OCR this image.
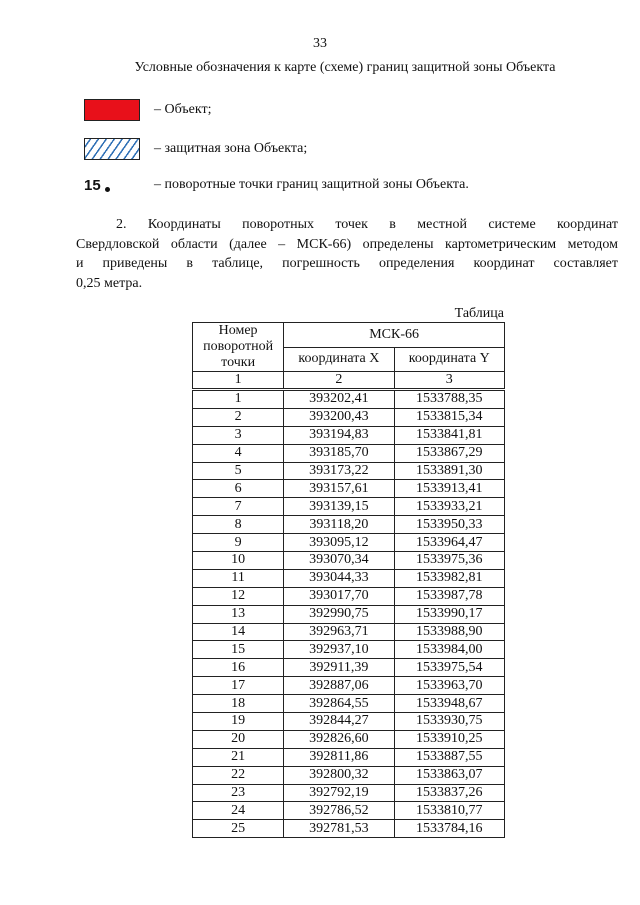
33
Условные обозначения к карте (схеме) границ защитной зоны Объекта
– Объект;
– защитная зона Объекта;
15	– поворотные точки границ защитной зоны Объекта.
2. Координаты поворотных точек в местной системе координат
Свердловской области (далее – МСК-66) определены картометрическим методом
и приведены в таблице, погрешность определения координат составляет
0,25 метра.
Таблица
Номер поворотной точки	МСК-66	
	координата X	координата Y
1	2	3
1	393202,41	1533788,35
2	393200,43	1533815,34
3	393194,83	1533841,81
4	393185,70	1533867,29
5	393173,22	1533891,30
6	393157,61	1533913,41
7	393139,15	1533933,21
8	393118,20	1533950,33
9	393095,12	1533964,47
10	393070,34	1533975,36
11	393044,33	1533982,81
12	393017,70	1533987,78
13	392990,75	1533990,17
14	392963,71	1533988,90
15	392937,10	1533984,00
16	392911,39	1533975,54
17	392887,06	1533963,70
18	392864,55	1533948,67
19	392844,27	1533930,75
20	392826,60	1533910,25
21	392811,86	1533887,55
22	392800,32	1533863,07
23	392792,19	1533837,26
24	392786,52	1533810,77
25	392781,53	1533784,16
